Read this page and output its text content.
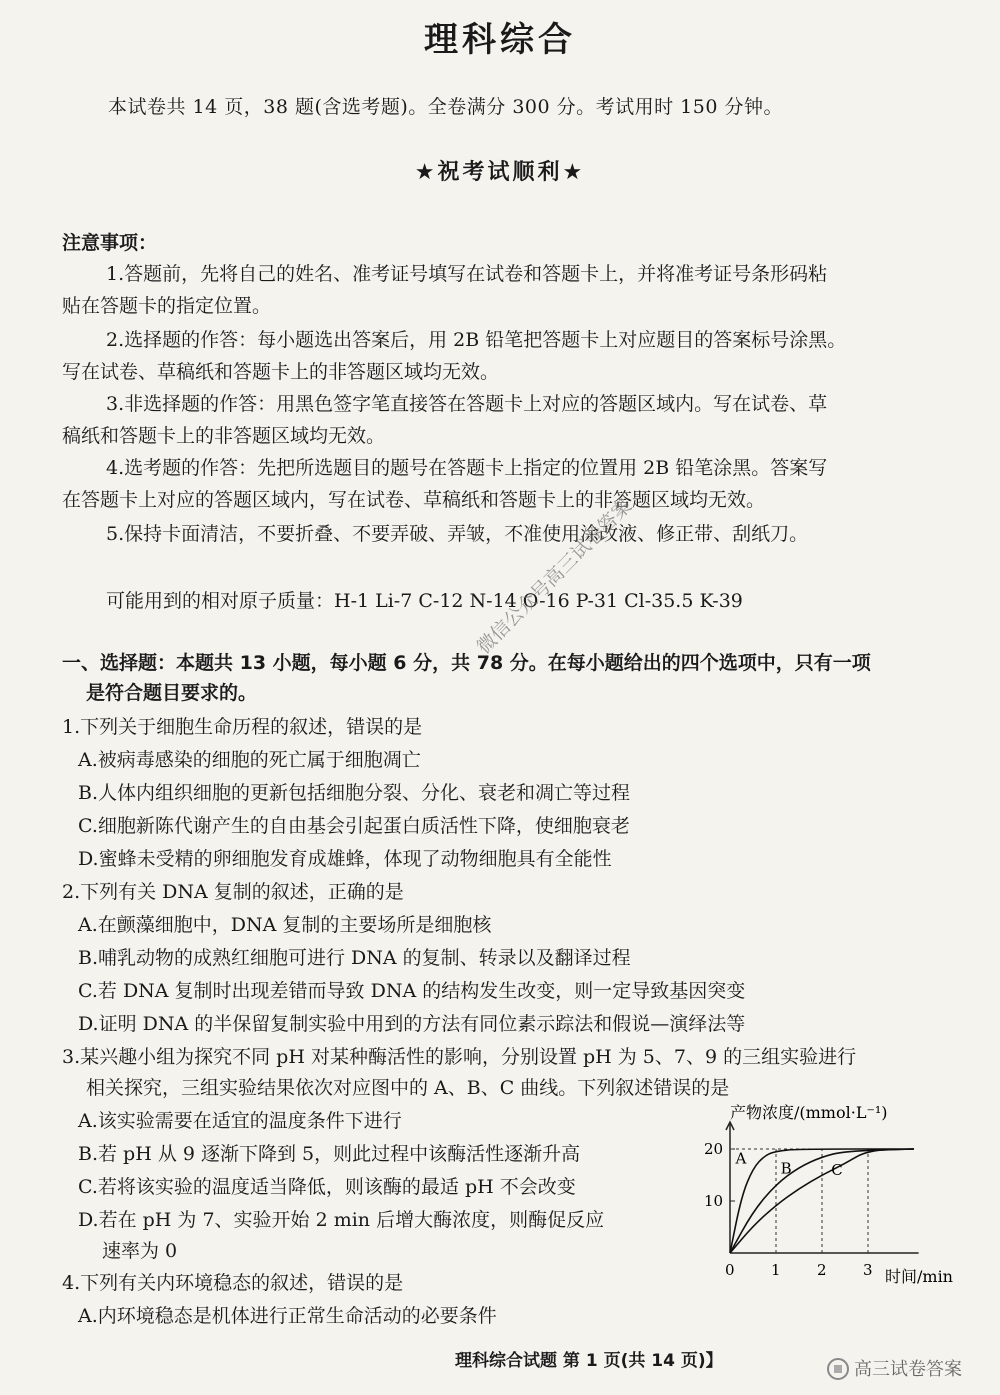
理科综合
本试卷共 14 页，38 题(含选考题)。全卷满分 300 分。考试用时 150 分钟。
★祝考试顺利★
注意事项：
1.答题前，先将自己的姓名、准考证号填写在试卷和答题卡上，并将准考证号条形码粘
贴在答题卡的指定位置。
2.选择题的作答：每小题选出答案后，用 2B 铅笔把答题卡上对应题目的答案标号涂黑。
写在试卷、草稿纸和答题卡上的非答题区域均无效。
3.非选择题的作答：用黑色签字笔直接答在答题卡上对应的答题区域内。写在试卷、草
稿纸和答题卡上的非答题区域均无效。
4.选考题的作答：先把所选题目的题号在答题卡上指定的位置用 2B 铅笔涂黑。答案写
在答题卡上对应的答题区域内，写在试卷、草稿纸和答题卡上的非答题区域均无效。
5.保持卡面清洁，不要折叠、不要弄破、弄皱，不准使用涂改液、修正带、刮纸刀。
可能用到的相对原子质量：H-1 Li-7 C-12 N-14 O-16 P-31 Cl-35.5 K-39
一、选择题：本题共 13 小题，每小题 6 分，共 78 分。在每小题给出的四个选项中，只有一项
是符合题目要求的。
1.下列关于细胞生命历程的叙述，错误的是
A.被病毒感染的细胞的死亡属于细胞凋亡
B.人体内组织细胞的更新包括细胞分裂、分化、衰老和凋亡等过程
C.细胞新陈代谢产生的自由基会引起蛋白质活性下降，使细胞衰老
D.蜜蜂未受精的卵细胞发育成雄蜂，体现了动物细胞具有全能性
2.下列有关 DNA 复制的叙述，正确的是
A.在颤藻细胞中，DNA 复制的主要场所是细胞核
B.哺乳动物的成熟红细胞可进行 DNA 的复制、转录以及翻译过程
C.若 DNA 复制时出现差错而导致 DNA 的结构发生改变，则一定导致基因突变
D.证明 DNA 的半保留复制实验中用到的方法有同位素示踪法和假说—演绎法等
3.某兴趣小组为探究不同 pH 对某种酶活性的影响，分别设置 pH 为 5、7、9 的三组实验进行
相关探究，三组实验结果依次对应图中的 A、B、C 曲线。下列叙述错误的是
A.该实验需要在适宜的温度条件下进行
B.若 pH 从 9 逐渐下降到 5，则此过程中该酶活性逐渐升高
C.若将该实验的温度适当降低，则该酶的最适 pH 不会改变
D.若在 pH 为 7、实验开始 2 min 后增大酶浓度，则酶促反应
速率为 0
4.下列有关内环境稳态的叙述，错误的是
A.内环境稳态是机体进行正常生命活动的必要条件
产物浓度/(mmol·L⁻¹)
时间/min
10
20
0 1 2 3
A
B	C
理科综合试题 第 1 页(共 14 页)】
微信公众号高三试卷答案
高三试卷答案
